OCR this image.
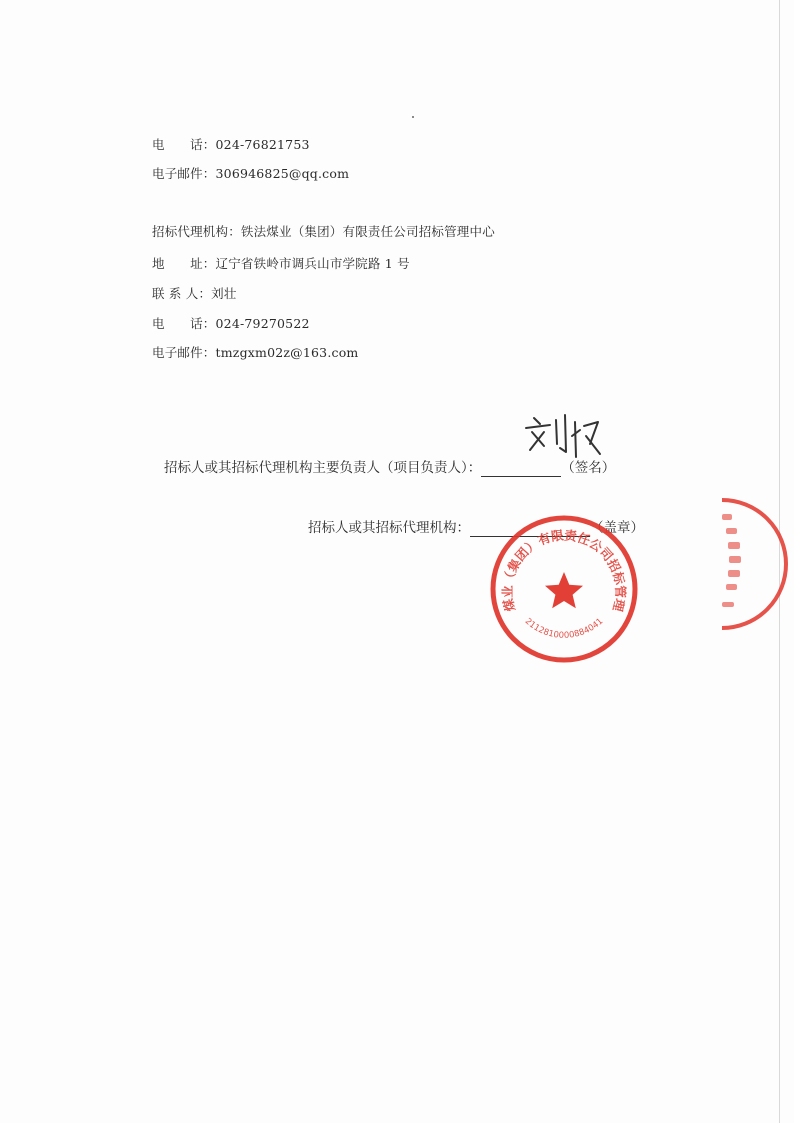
电　　话：024-76821753
电子邮件：306946825@qq.com
招标代理机构：铁法煤业（集团）有限责任公司招标管理中心
地　　址：辽宁省铁岭市调兵山市学院路 1 号
联 系 人：刘壮
电　　话：024-79270522
电子邮件：tmzgxm02z@163.com
招标人或其招标代理机构主要负责人（项目负责人）：	（签名）
招标人或其招标代理机构：	（盖章）
铁法煤业（集团）有限责任公司招标管理中心
2112810000884041
